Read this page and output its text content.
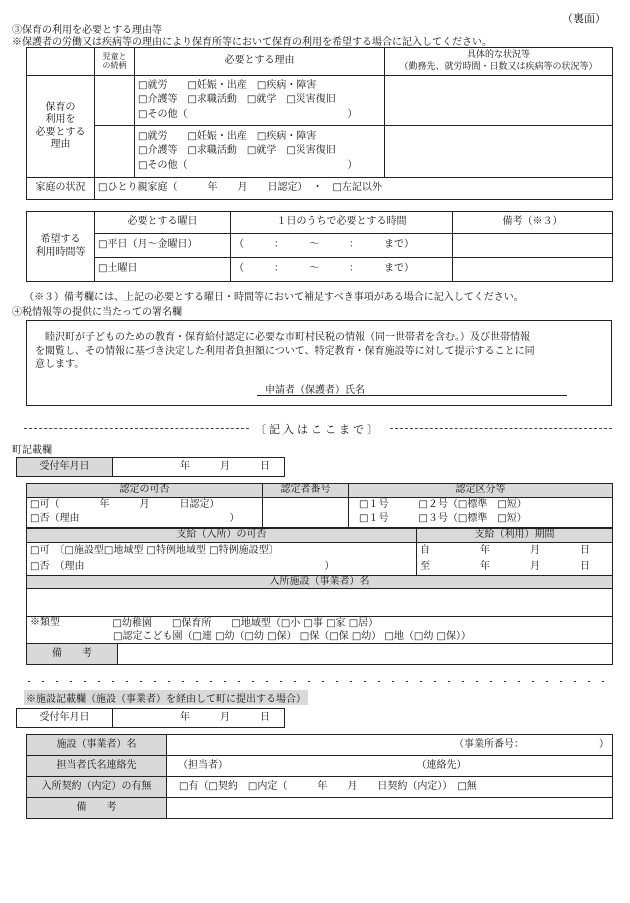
（裏面）
③保育の利用を必要とする理由等
※保護者の労働又は疾病等の理由により保育所等において保育の利用を希望する場合に記入してください。

	児童と
の続柄	必要とする理由	具体的な状況等
（勤務先、就労時間・日数又は疾病等の状況等）

保育の
利用を
必要とする
理由		□就労　　□妊娠・出産　□疾病・障害
□介護等　□求職活動　□就学　□災害復旧
□その他（　　　　　　　　　　　　　　　　）	

		□就労　　□妊娠・出産　□疾病・障害
□介護等　□求職活動　□就学　□災害復旧
□その他（　　　　　　　　　　　　　　　　）	

家庭の状況	□ひとり親家庭（　　　年　　月　　日認定）　・　□左記以外		
希望する
利用時間等	必要とする曜日	１日のうちで必要とする時間	備考（※３）
	□平日（月～金曜日）	（　　　：　　　～　　　：　　　まで）	
	□土曜日	（　　　：　　　～　　　：　　　まで）	
（※３）備考欄には、上記の必要とする曜日・時間等において補足すべき事項がある場合に記入してください。
④税情報等の提供に当たっての署名欄
睦沢町が子どものための教育・保育給付認定に必要な市町村民税の情報（同一世帯者を含む。）及び世帯情報
を閲覧し、その情報に基づき決定した利用者負担額について、特定教育・保育施設等に対して提示することに同
意します。
申請者（保護者）氏名
〔記入はここまで〕
町記載欄
受付年月日	年　　　月　　　日
認定の可否	認定者番号	認定区分等

□可（　　　　年　　　月　　　日認定）
□否（理由　　　　　　　　　　　　　　　）		□１号　　　□２号（□標準　□短）
□１号　　　□３号（□標準　□短）
支給（入所）の可否	支給（利用）期間

□可　〔□施設型□地域型 □特例地域型 □特例施設型〕
□否　（理由　　　　　　　　　　　　　　　　　　　　　　　　）	自　　　　　年　　　　月　　　　日
至　　　　　年　　　　月　　　　日

入所施設（事業者）名	

※類型 □幼稚園　　□保育所　　□地域型（□小 □事 □家 □居）

□認定こども園（□連 □幼（□幼 □保） □保（□保 □幼） □地（□幼 □保））	
備　　考	
※施設記載欄（施設（事業者）を経由して町に提出する場合）
受付年月日	年　　　月　　　日
施設（事業者）名	（事業所番号：　　　　　　　　）
担当者氏名連絡先	（担当者） （連絡先）

入所契約（内定）の有無	□有（□契約　□内定（　　　年　　月　　日契約（内定））　□無
備　　考	
